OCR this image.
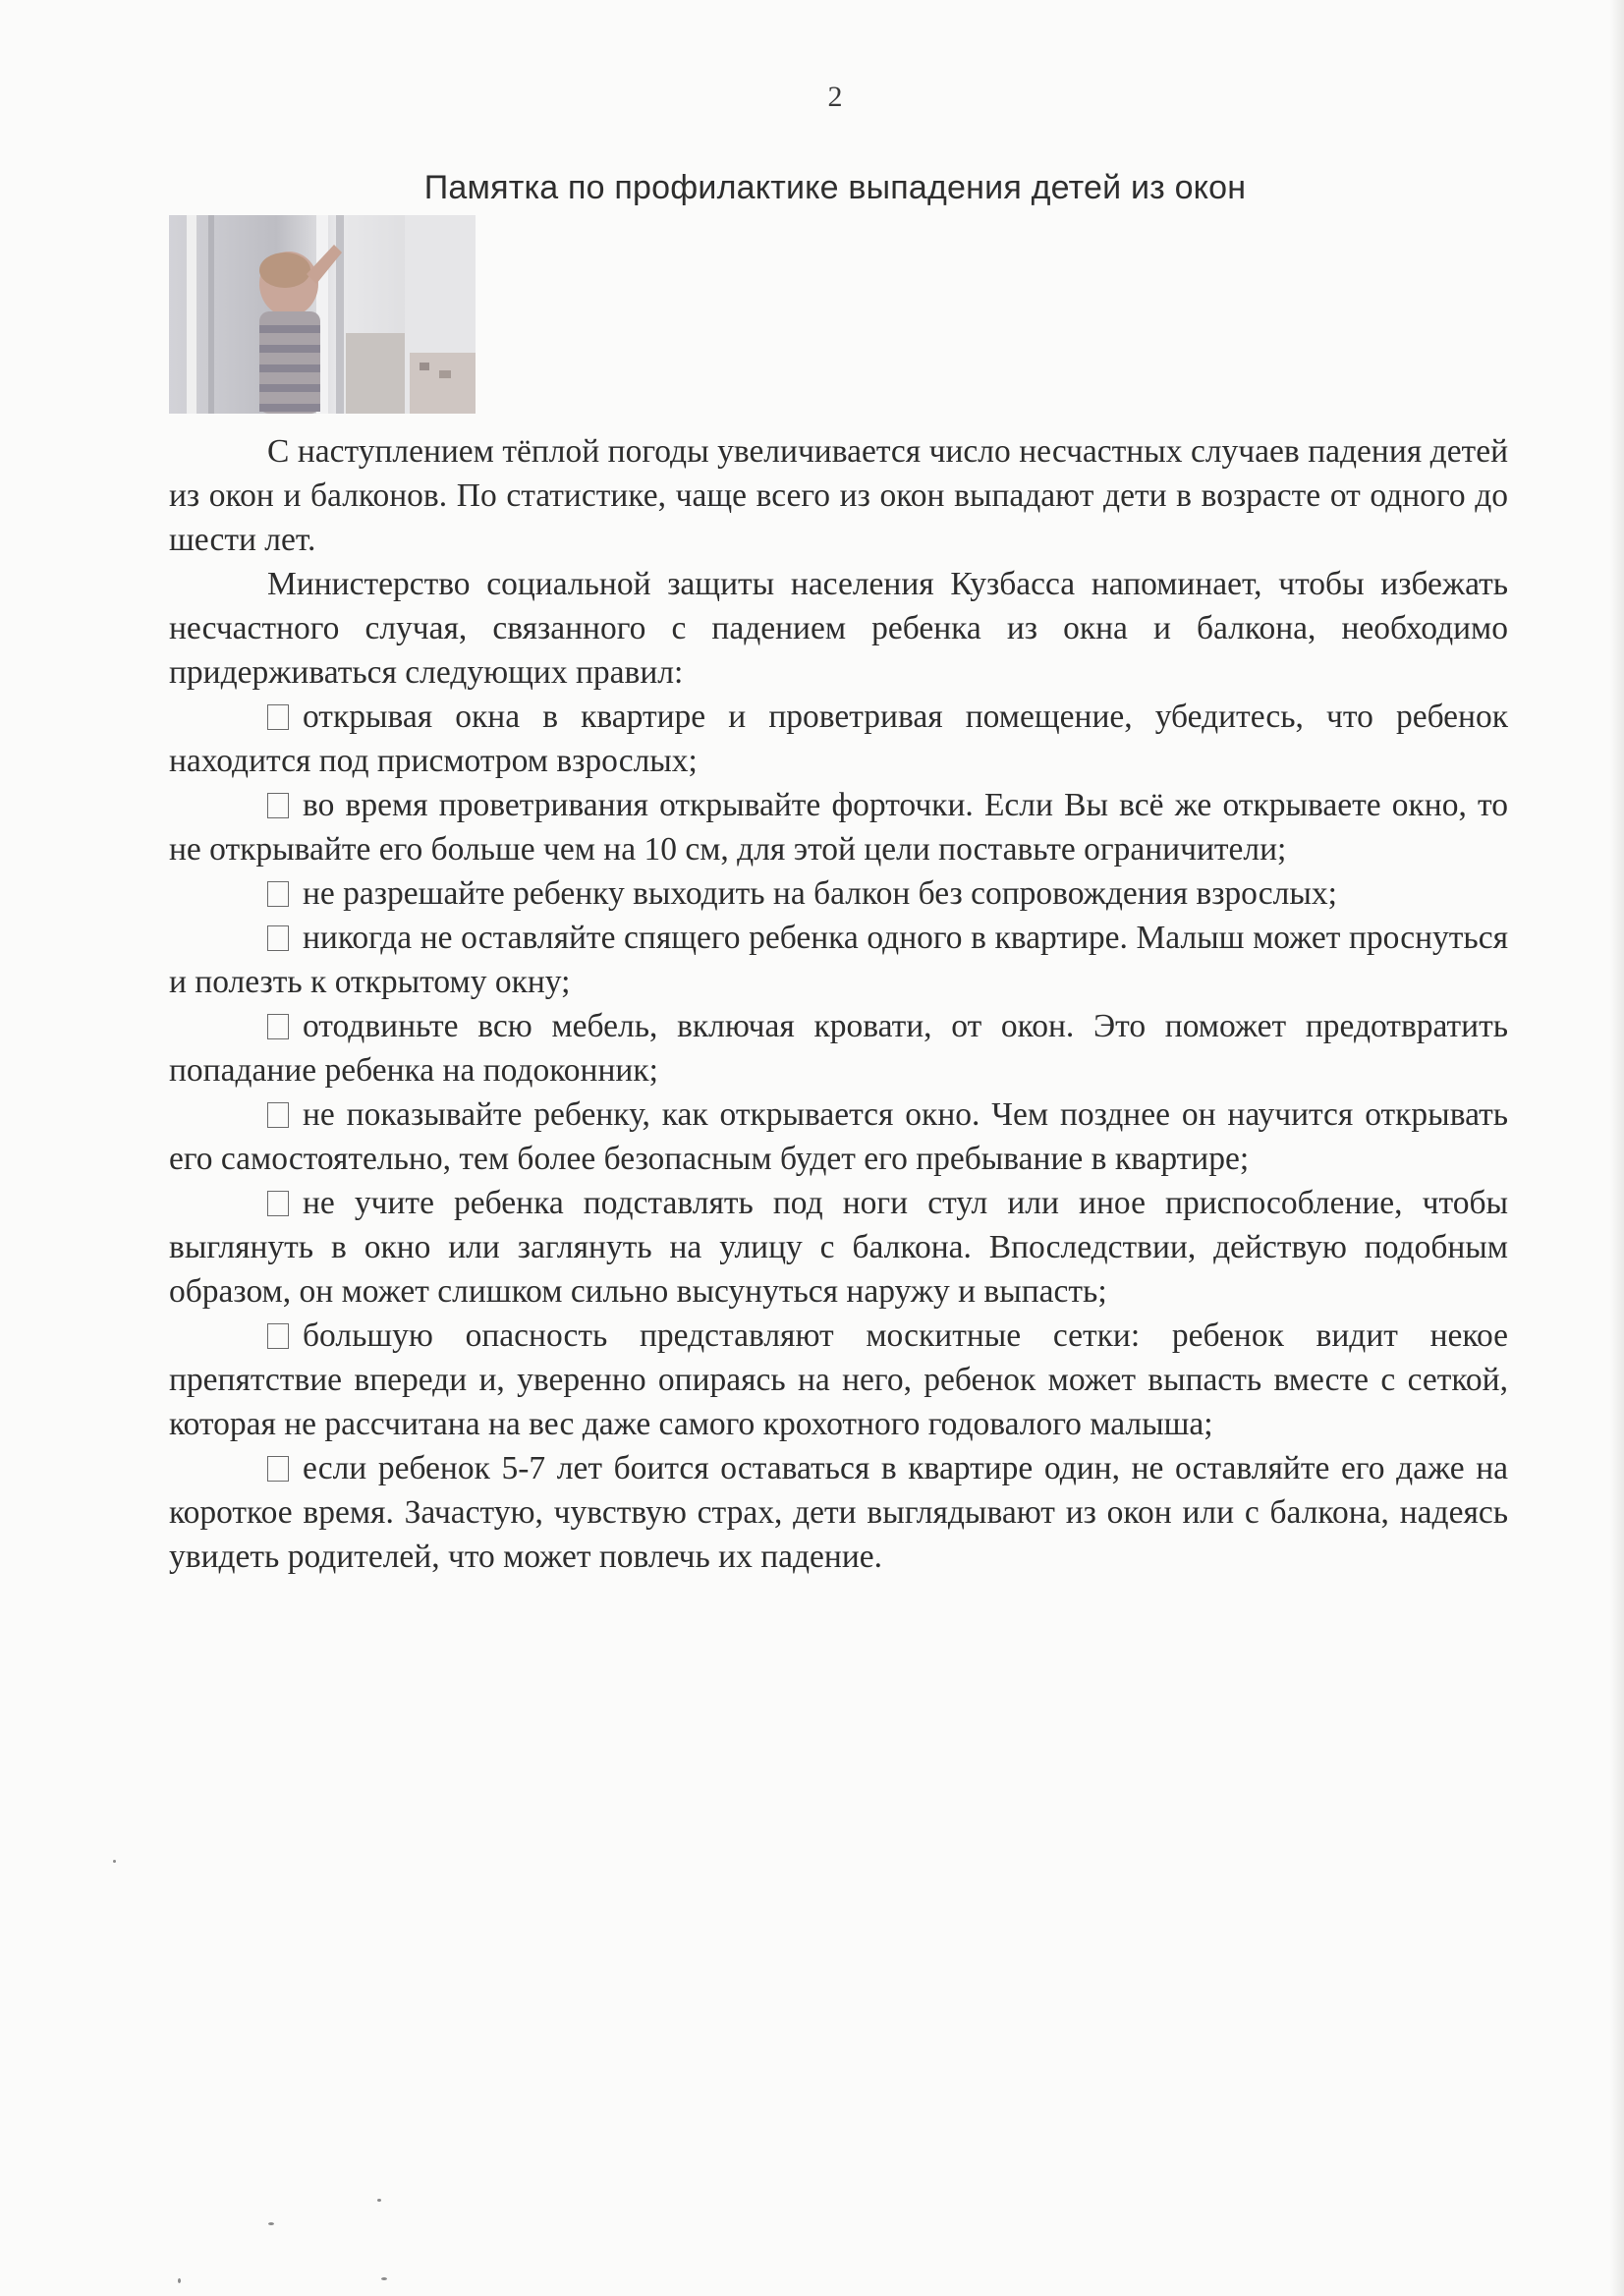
2
Памятка по профилактике выпадения детей из окон

С наступлением тёплой погоды увеличивается число несчастных случаев падения детей из окон и балконов. По статистике, чаще всего из окон выпадают дети в возрасте от одного до шести лет.

Министерство социальной защиты населения Кузбасса напоминает, чтобы избежать несчастного случая, связанного с падением ребенка из окна и балкона, необходимо придерживаться следующих правил:

открывая окна в квартире и проветривая помещение, убедитесь, что ребенок находится под присмотром взрослых;

во время проветривания открывайте форточки. Если Вы всё же открываете окно, то не открывайте его больше чем на 10 см, для этой цели поставьте ограничители;

не разрешайте ребенку выходить на балкон без сопровождения взрослых;

никогда не оставляйте спящего ребенка одного в квартире. Малыш может проснуться и полезть к открытому окну;

отодвиньте всю мебель, включая кровати, от окон. Это поможет предотвратить попадание ребенка на подоконник;

не показывайте ребенку, как открывается окно. Чем позднее он научится открывать его самостоятельно, тем более безопасным будет его пребывание в квартире;

не учите ребенка подставлять под ноги стул или иное приспособление, чтобы выглянуть в окно или заглянуть на улицу с балкона. Впоследствии, действую подобным образом, он может слишком сильно высунуться наружу и выпасть;

большую опасность представляют москитные сетки: ребенок видит некое препятствие впереди и, уверенно опираясь на него, ребенок может выпасть вместе с сеткой, которая не рассчитана на вес даже самого крохотного годовалого малыша;

если ребенок 5-7 лет боится оставаться в квартире один, не оставляйте его даже на короткое время. Зачастую, чувствую страх, дети выглядывают из окон или с балкона, надеясь увидеть родителей, что может повлечь их падение.
